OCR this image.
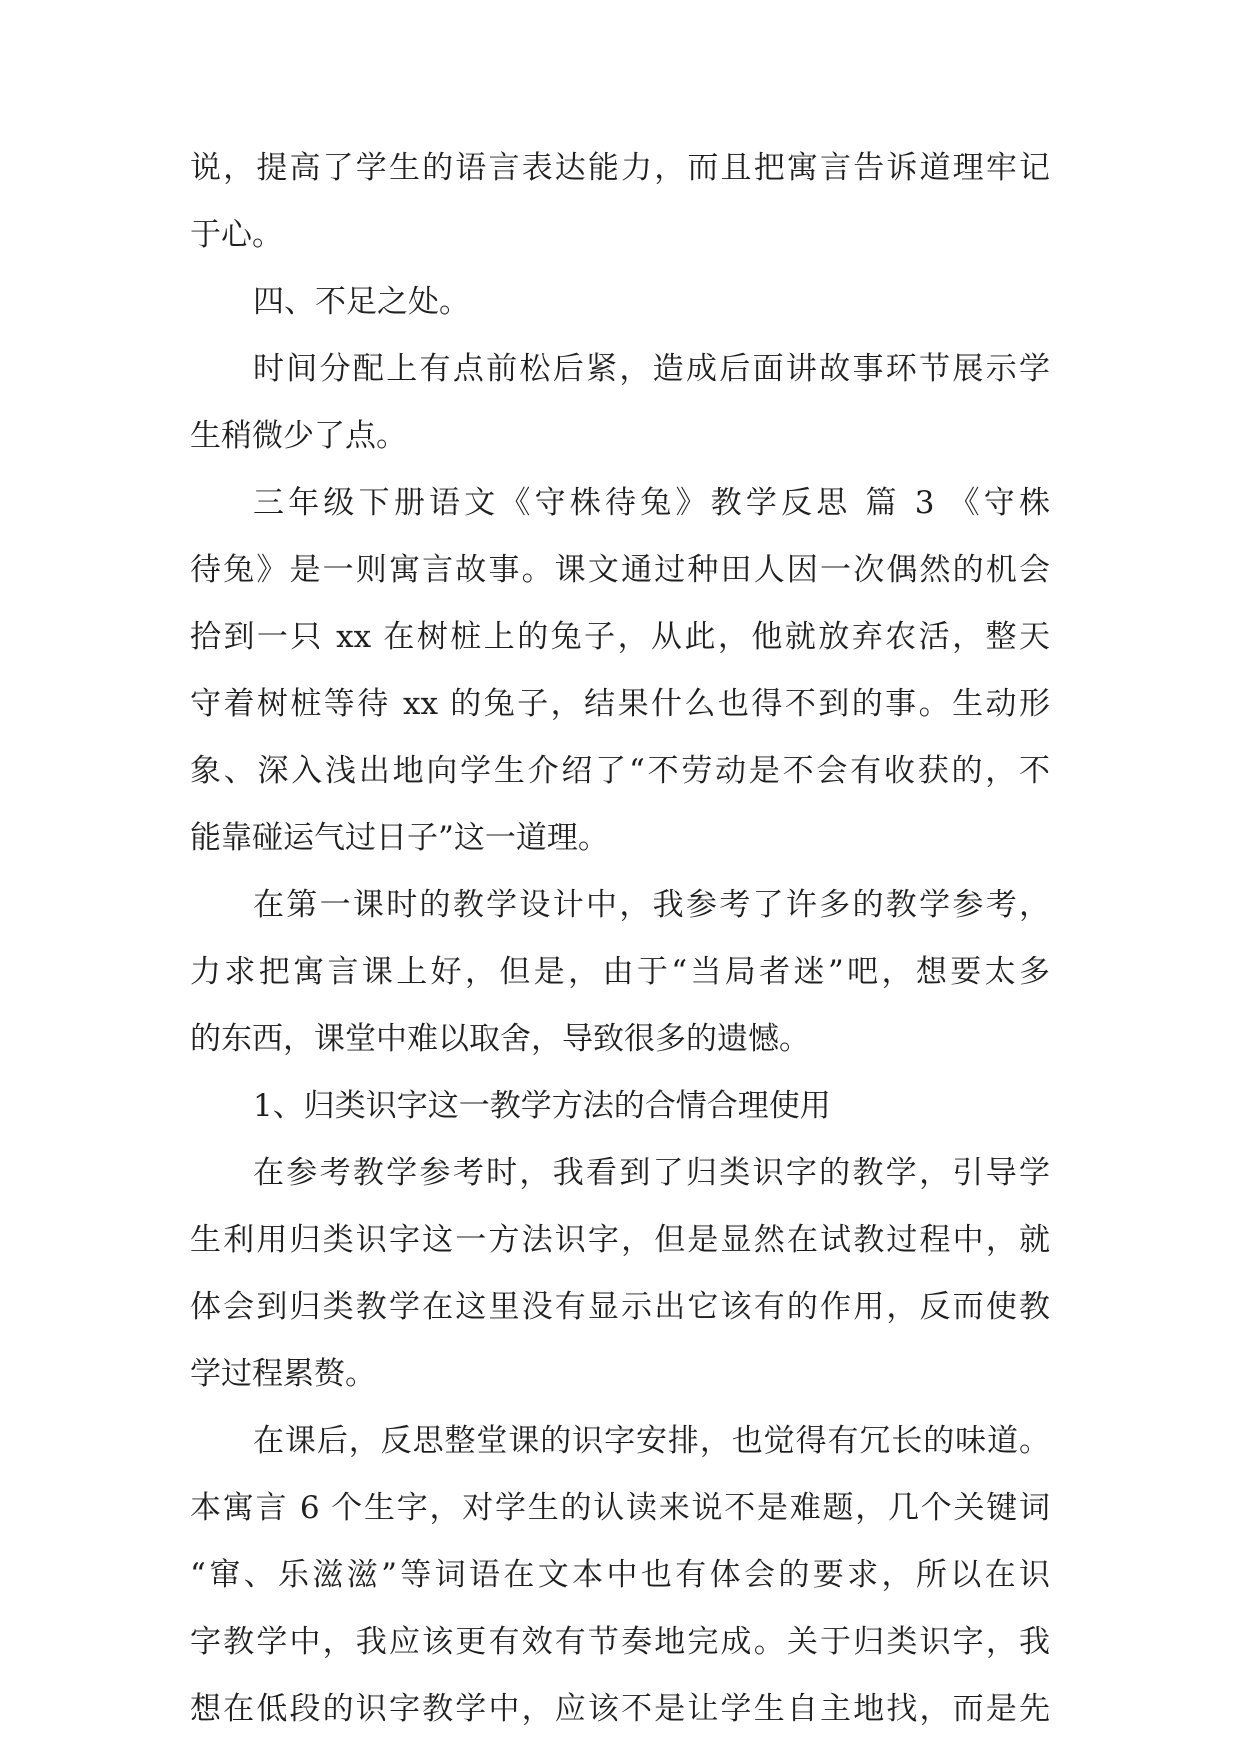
说，提高了学生的语言表达能力，而且把寓言告诉道理牢记
于心。
四、不足之处。
时间分配上有点前松后紧，造成后面讲故事环节展示学
生稍微少了点。
三年级下册语文《守株待兔》教学反思 篇 3 《守株
待兔》是一则寓言故事。课文通过种田人因一次偶然的机会
拾到一只 xx 在树桩上的兔子，从此，他就放弃农活，整天
守着树桩等待 xx 的兔子，结果什么也得不到的事。生动形
象、深入浅出地向学生介绍了“不劳动是不会有收获的，不
能靠碰运气过日子”这一道理。
在第一课时的教学设计中，我参考了许多的教学参考，
力求把寓言课上好，但是，由于“当局者迷”吧，想要太多
的东西，课堂中难以取舍，导致很多的遗憾。
1、归类识字这一教学方法的合情合理使用
在参考教学参考时，我看到了归类识字的教学，引导学
生利用归类识字这一方法识字，但是显然在试教过程中，就
体会到归类教学在这里没有显示出它该有的作用，反而使教
学过程累赘。
在课后，反思整堂课的识字安排，也觉得有冗长的味道。
本寓言 6 个生字，对学生的认读来说不是难题，几个关键词
“窜、乐滋滋”等词语在文本中也有体会的要求，所以在识
字教学中，我应该更有效有节奏地完成。关于归类识字，我
想在低段的识字教学中，应该不是让学生自主地找，而是先
